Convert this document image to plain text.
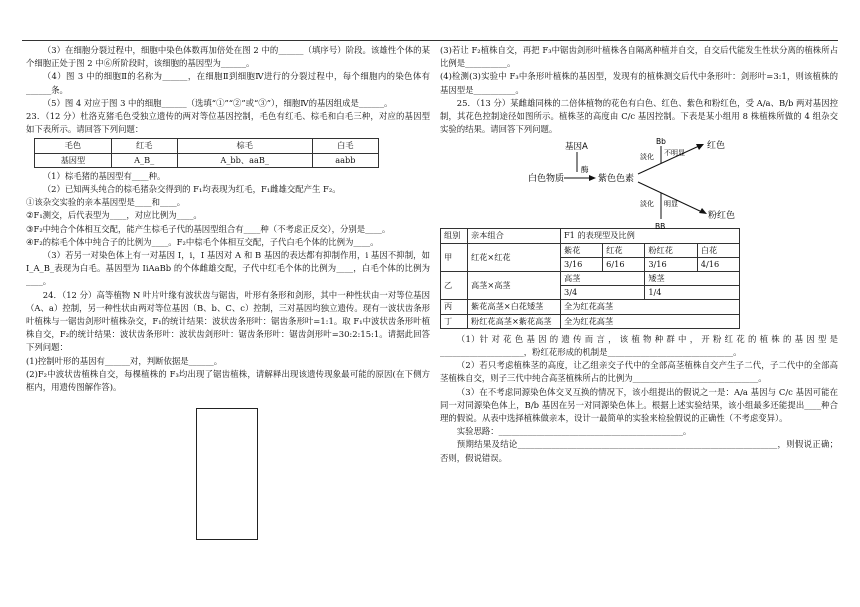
（3）在细胞分裂过程中，细胞中染色体数再加倍处在图 2 中的______（填序号）阶段。该雄性个体的某个细胞正处于图 2 中⑥所阶段时，该细胞的基因型为______。

（4）图 3 中的细胞Ⅱ的名称为______，在细胞Ⅱ到细胞Ⅳ进行的分裂过程中，每个细胞内的染色体有______条。

（5）图 4 对应于图 3 中的细胞______（选填“①”“②”或“③”），细胞Ⅳ的基因组成是______。

23．（12 分）杜洛克猪毛色受独立遗传的两对等位基因控制，毛色有红毛、棕毛和白毛三种，对应的基因型如下表所示。请回答下列问题：

毛色	红毛	棕毛	白毛
基因型	A_B_	A_bb、aaB_	aabb

（1）棕毛猪的基因型有____种。

（2）已知两头纯合的棕毛猪杂交得到的 F₁均表现为红毛，F₁雌雄交配产生 F₂。

①该杂交实验的亲本基因型是____和____。

②F₁测交，后代表型为____，对应比例为____。

③F₂中纯合个体相互交配，能产生棕毛子代的基因型组合有____种（不考虑正反交），分别是____。

④F₂的棕毛个体中纯合子的比例为____。F₂中棕毛个体相互交配，子代白毛个体的比例为____。

（3）若另一对染色体上有一对基因 I，i，I 基因对 A 和 B 基因的表达都有抑制作用，i 基因不抑制，如 I_A_B_表现为白毛。基因型为 IiAaBb 的个体雌雄交配，子代中红毛个体的比例为____，白毛个体的比例为____。

24．（12 分）高等植物 N 叶片叶缘有波状齿与锯齿，叶形有条形和剑形，其中一种性状由一对等位基因（A、a）控制，另一种性状由两对等位基因（B、b、C、c）控制，三对基因均独立遗传。现有一波状齿条形叶植株与一锯齿剑形叶植株杂交，F₁的统计结果：波状齿条形叶：锯齿条形叶=1:1。取 F₁中波状齿条形叶植株自交，F₂的统计结果：波状齿条形叶：波状齿剑形叶：锯齿条形叶：锯齿剑形叶=30:2:15:1。请据此回答下列问题：

(1)控制叶形的基因有______对，判断依据是______。

(2)F₂中波状齿植株自交，每棵植株的 F₃均出现了锯齿植株，请解释出现该遗传现象最可能的原因(在下侧方框内，用遗传图解作答)。

(3)若让 F₂植株自交，再把 F₃中锯齿剑形叶植株各自隔离种植并自交，自交后代能发生性状分离的植株所占比例是__________。

(4)检测(3)实验中 F₃中条形叶植株的基因型，发现有的植株测交后代中条形叶：剑形叶=3:1，则该植株的基因型是__________。

25．（13 分）某雌雄同株的二倍体植物的花色有白色、红色、紫色和粉红色，受 A/a、B/b 两对基因控制，其花色控制途径如图所示。植株茎的高度由 C/c 基因控制。下表是某小组用 8 株植株所做的 4 组杂交实验的结果。请回答下列问题。

基因A
酶
白色物质	紫色色素
Bb
淡化 不明显
红色
淡化 明显
BB
粉红色
组别	亲本组合	F1 的表现型及比例			
甲	红花×红花	紫花	红花	粉红花	白花
		3/16	6/16	3/16	4/16
乙	高茎×高茎	高茎		矮茎	
		3/4		1/4	
丙	紫花高茎×白花矮茎	全为红花高茎			
丁	粉红花高茎×紫花高茎	全为红花高茎			

（1）针 对 花 色 基 因 的 遗 传 而 言 ， 该 植 物 种 群 中 ， 开 粉 红 花 的 植 株 的 基 因 型 是 ____________________，粉红花形成的机制是______________________________。

（2）若只考虑植株茎的高度，让乙组亲交子代中的全部高茎植株自交产生子二代，子二代中的全部高茎植株自交，则子三代中纯合高茎植株所占的比例为______________________________。

（3）在不考虑同源染色体交叉互换的情况下，该小组提出的假说之一是：A/a 基因与 C/c 基因可能在同一对同源染色体上，B/b 基因在另一对同源染色体上。根据上述实验结果，该小组最多还能提出____种合理的假说。从表中选择植株做亲本，设计一最简单的实验来检验假说的正确性（不考虑变异）。

实验思路：____________________________________________。

预期结果及结论______________________________________________________________，则假说正确；否则，假说错误。
